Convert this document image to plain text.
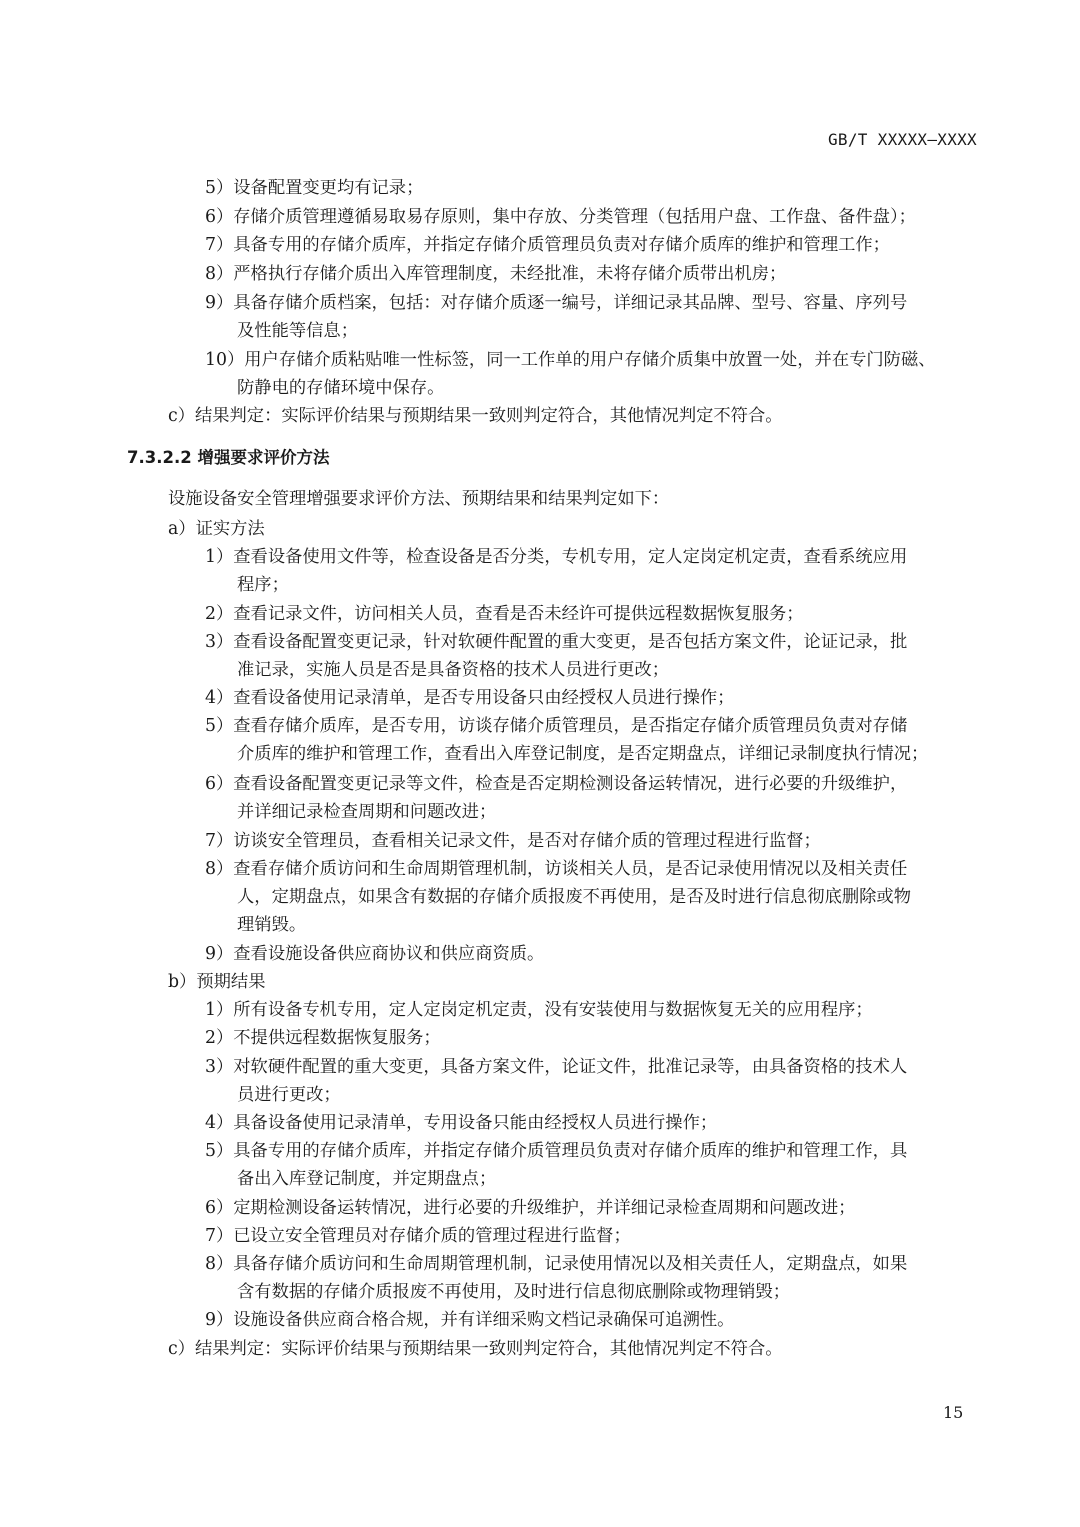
GB/T XXXXX—XXXX
5）设备配置变更均有记录；
6）存储介质管理遵循易取易存原则，集中存放、分类管理（包括用户盘、工作盘、备件盘）；
7）具备专用的存储介质库，并指定存储介质管理员负责对存储介质库的维护和管理工作；
8）严格执行存储介质出入库管理制度，未经批准，未将存储介质带出机房；
9）具备存储介质档案，包括：对存储介质逐一编号，详细记录其品牌、型号、容量、序列号
及性能等信息；
10）用户存储介质粘贴唯一性标签，同一工作单的用户存储介质集中放置一处，并在专门防磁、
防静电的存储环境中保存。
c）结果判定：实际评价结果与预期结果一致则判定符合，其他情况判定不符合。
7.3.2.2 增强要求评价方法
设施设备安全管理增强要求评价方法、预期结果和结果判定如下：
a）证实方法
1）查看设备使用文件等，检查设备是否分类，专机专用，定人定岗定机定责，查看系统应用
程序；
2）查看记录文件，访问相关人员，查看是否未经许可提供远程数据恢复服务；
3）查看设备配置变更记录，针对软硬件配置的重大变更，是否包括方案文件，论证记录，批
准记录，实施人员是否是具备资格的技术人员进行更改；
4）查看设备使用记录清单，是否专用设备只由经授权人员进行操作；
5）查看存储介质库，是否专用，访谈存储介质管理员，是否指定存储介质管理员负责对存储
介质库的维护和管理工作，查看出入库登记制度，是否定期盘点，详细记录制度执行情况；
6）查看设备配置变更记录等文件，检查是否定期检测设备运转情况，进行必要的升级维护，
并详细记录检查周期和问题改进；
7）访谈安全管理员，查看相关记录文件，是否对存储介质的管理过程进行监督；
8）查看存储介质访问和生命周期管理机制，访谈相关人员，是否记录使用情况以及相关责任
人，定期盘点，如果含有数据的存储介质报废不再使用，是否及时进行信息彻底删除或物
理销毁。
9）查看设施设备供应商协议和供应商资质。
b）预期结果
1）所有设备专机专用，定人定岗定机定责，没有安装使用与数据恢复无关的应用程序；
2）不提供远程数据恢复服务；
3）对软硬件配置的重大变更，具备方案文件，论证文件，批准记录等，由具备资格的技术人
员进行更改；
4）具备设备使用记录清单，专用设备只能由经授权人员进行操作；
5）具备专用的存储介质库，并指定存储介质管理员负责对存储介质库的维护和管理工作，具
备出入库登记制度，并定期盘点；
6）定期检测设备运转情况，进行必要的升级维护，并详细记录检查周期和问题改进；
7）已设立安全管理员对存储介质的管理过程进行监督；
8）具备存储介质访问和生命周期管理机制，记录使用情况以及相关责任人，定期盘点，如果
含有数据的存储介质报废不再使用，及时进行信息彻底删除或物理销毁；
9）设施设备供应商合格合规，并有详细采购文档记录确保可追溯性。
c）结果判定：实际评价结果与预期结果一致则判定符合，其他情况判定不符合。
15
